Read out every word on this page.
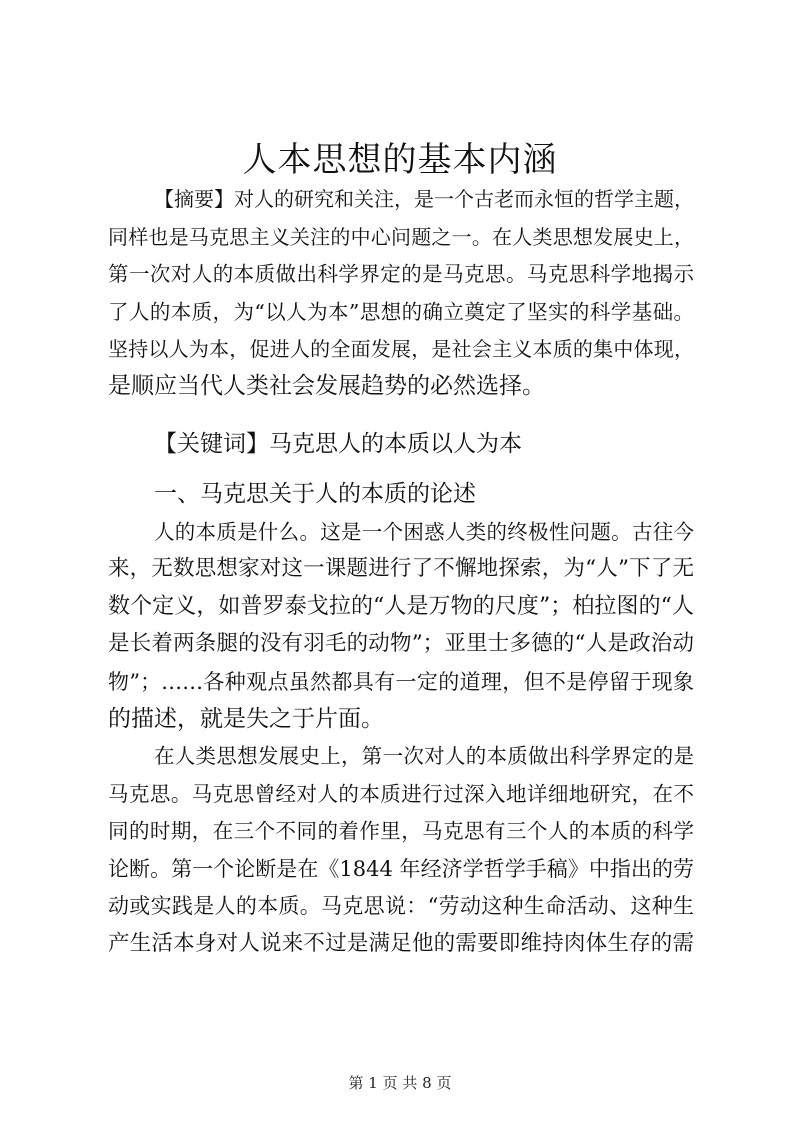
人本思想的基本内涵
【摘要】对人的研究和关注，是一个古老而永恒的哲学主题，
同样也是马克思主义关注的中心问题之一。在人类思想发展史上，
第一次对人的本质做出科学界定的是马克思。马克思科学地揭示
了人的本质，为“以人为本”思想的确立奠定了坚实的科学基础。
坚持以人为本，促进人的全面发展，是社会主义本质的集中体现，
是顺应当代人类社会发展趋势的必然选择。
【关键词】马克思人的本质以人为本
一、马克思关于人的本质的论述
人的本质是什么。这是一个困惑人类的终极性问题。古往今
来，无数思想家对这一课题进行了不懈地探索，为“人”下了无
数个定义，如普罗泰戈拉的“人是万物的尺度”；柏拉图的“人
是长着两条腿的没有羽毛的动物”；亚里士多德的“人是政治动
物”；……各种观点虽然都具有一定的道理，但不是停留于现象
的描述，就是失之于片面。
在人类思想发展史上，第一次对人的本质做出科学界定的是
马克思。马克思曾经对人的本质进行过深入地详细地研究，在不
同的时期，在三个不同的着作里，马克思有三个人的本质的科学
论断。第一个论断是在《1844 年经济学哲学手稿》中指出的劳
动或实践是人的本质。马克思说：“劳动这种生命活动、这种生
产生活本身对人说来不过是满足他的需要即维持肉体生存的需
第 1 页 共 8 页
